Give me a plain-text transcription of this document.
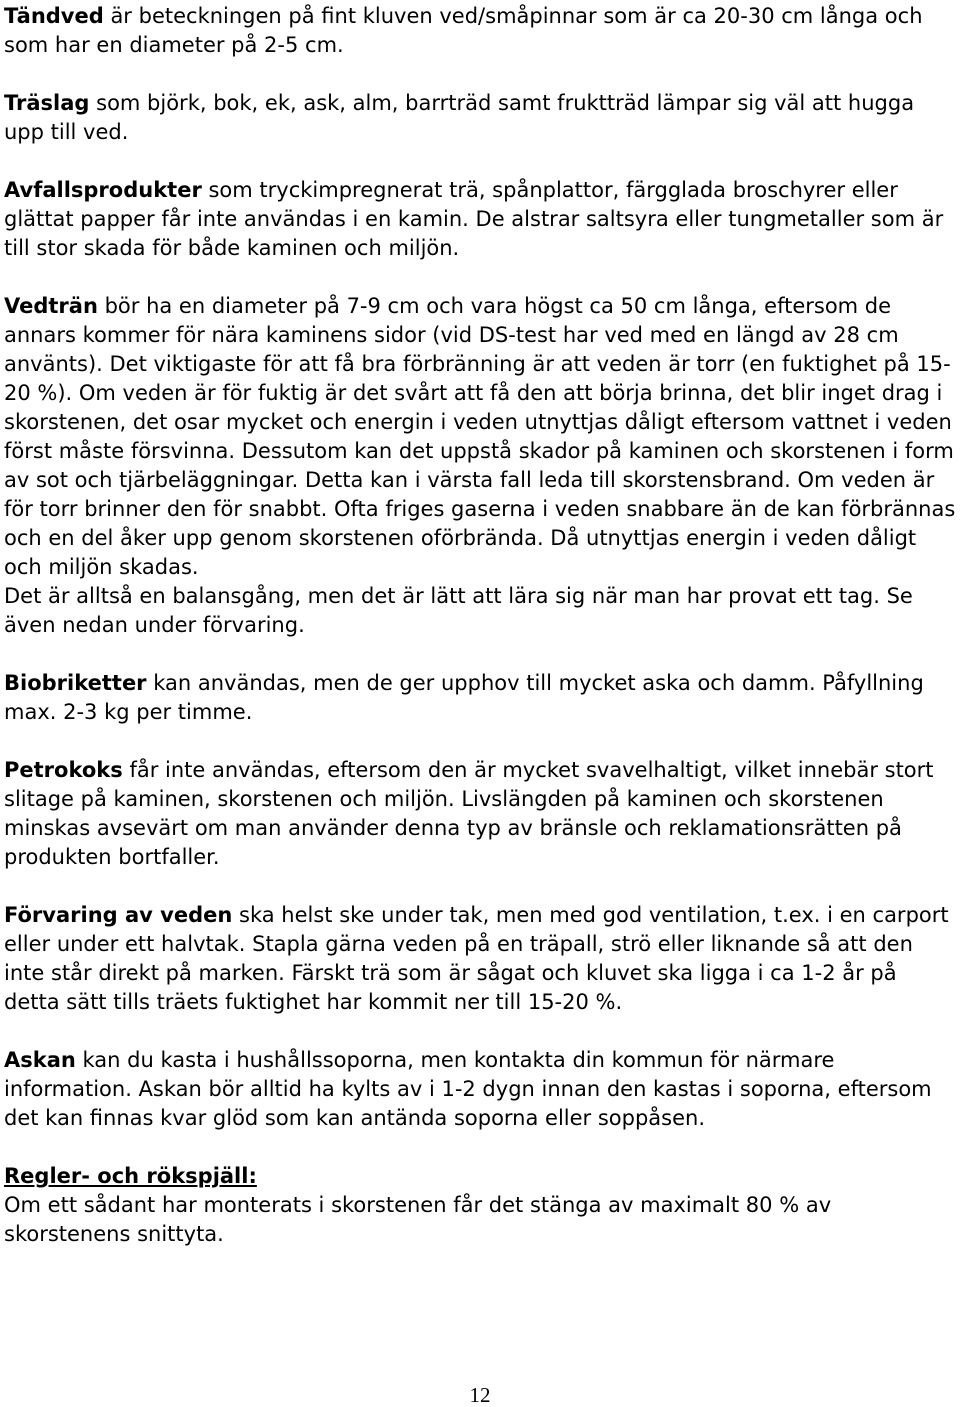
Tändved är beteckningen på fint kluven ved/småpinnar som är ca 20-30 cm långa och som har en diameter på 2-5 cm.

Träslag som björk, bok, ek, ask, alm, barrträd samt fruktträd lämpar sig väl att hugga upp till ved.

Avfallsprodukter som tryckimpregnerat trä, spånplattor, färgglada broschyrer eller glättat papper får inte användas i en kamin. De alstrar saltsyra eller tungmetaller som är till stor skada för både kaminen och miljön.

Vedträn bör ha en diameter på 7-9 cm och vara högst ca 50 cm långa, eftersom de annars kommer för nära kaminens sidor (vid DS-test har ved med en längd av 28 cm använts). Det viktigaste för att få bra förbränning är att veden är torr (en fuktighet på 15-20 %). Om veden är för fuktig är det svårt att få den att börja brinna, det blir inget drag i skorstenen, det osar mycket och energin i veden utnyttjas dåligt eftersom vattnet i veden först måste försvinna. Dessutom kan det uppstå skador på kaminen och skorstenen i form av sot och tjärbeläggningar. Detta kan i värsta fall leda till skorstensbrand. Om veden är för torr brinner den för snabbt. Ofta friges gaserna i veden snabbare än de kan förbrännas och en del åker upp genom skorstenen oförbrända. Då utnyttjas energin i veden dåligt och miljön skadas.

Det är alltså en balansgång, men det är lätt att lära sig när man har provat ett tag. Se även nedan under förvaring.

Biobriketter kan användas, men de ger upphov till mycket aska och damm. Påfyllning max. 2-3 kg per timme.

Petrokoks får inte användas, eftersom den är mycket svavelhaltigt, vilket innebär stort slitage på kaminen, skorstenen och miljön. Livslängden på kaminen och skorstenen minskas avsevärt om man använder denna typ av bränsle och reklamationsrätten på produkten bortfaller.

Förvaring av veden ska helst ske under tak, men med god ventilation, t.ex. i en carport eller under ett halvtak. Stapla gärna veden på en träpall, strö eller liknande så att den inte står direkt på marken. Färskt trä som är sågat och kluvet ska ligga i ca 1-2 år på detta sätt tills träets fuktighet har kommit ner till 15-20 %.

Askan kan du kasta i hushållssoporna, men kontakta din kommun för närmare information. Askan bör alltid ha kylts av i 1-2 dygn innan den kastas i soporna, eftersom det kan finnas kvar glöd som kan antända soporna eller soppåsen.

Regler- och rökspjäll:

Om ett sådant har monterats i skorstenen får det stänga av maximalt 80 % av skorstenens snittyta.

12
